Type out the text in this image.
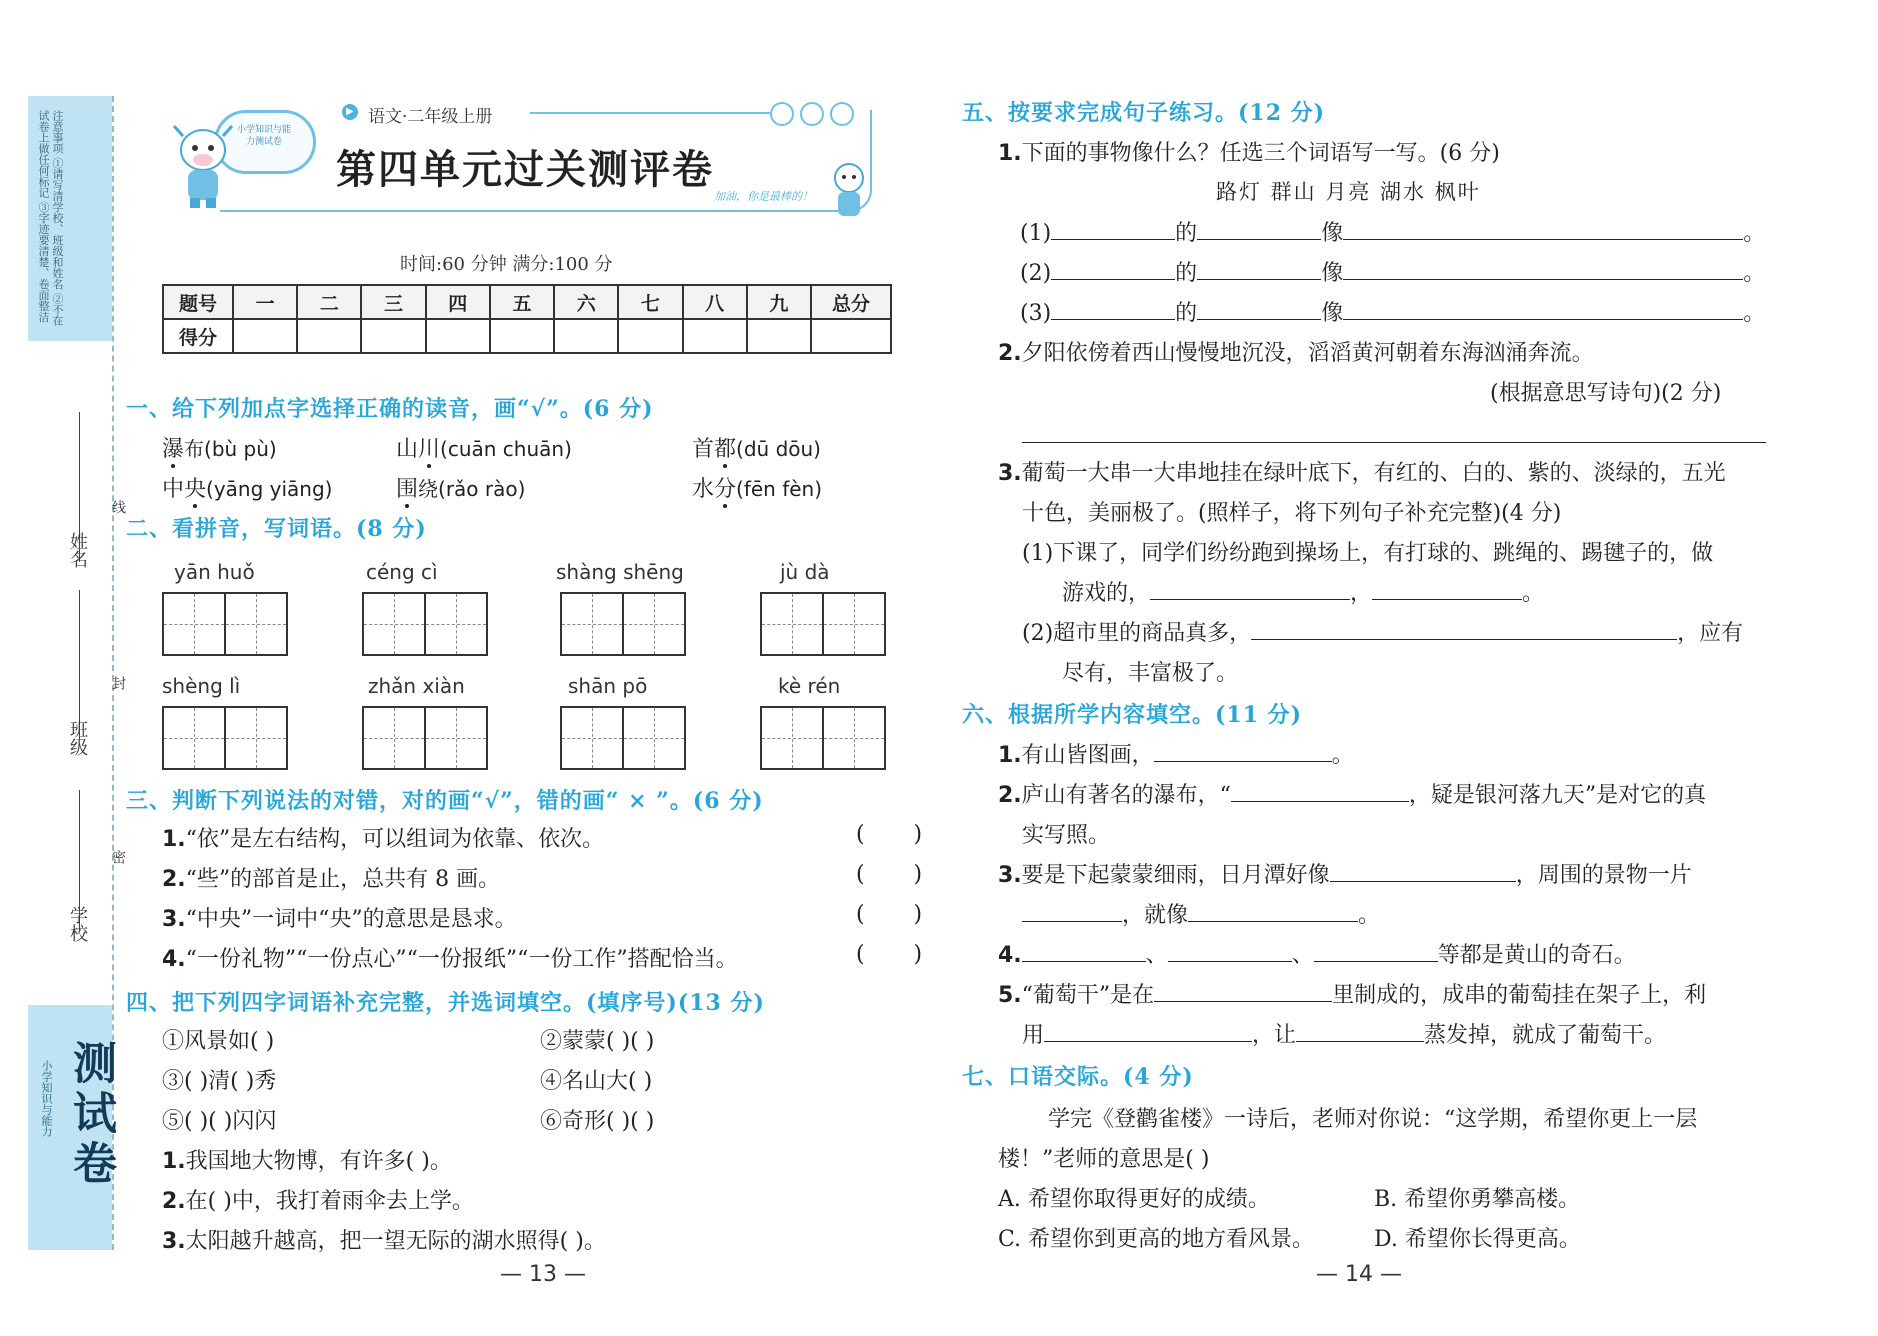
注意事项 ①请写清学校、班级和姓名 ②不在试卷上做任何标记 ③字迹要清楚、卷面整洁
姓名
班级
学校
线
封
密
小学知识与能力 测试卷
▶ 语文·二年级上册
小学知识与能力测试卷
第四单元过关测评卷
加油，你是最棒的！
时间:60 分钟 满分:100 分
题号	一	二	三	四	五	六	七	八	九	总分
得分										
一、给下列加点字选择正确的读音，画“√”。(6 分)
瀑布(bù pù)	山川(cuān chuān)	首都(dū dōu)
中央(yāng yiāng)	围绕(rǎo rào)	水分(fēn fèn)
二、看拼音，写词语。(8 分)
yān huǒ	céng cì	shàng shēng	jù dà
shèng lì	zhǎn xiàn	shān pō	kè rén
三、判断下列说法的对错，对的画“√”，错的画“ × ”。(6 分)
1.“依”是左右结构，可以组词为依靠、依次。
2.“些”的部首是止，总共有 8 画。
3.“中央”一词中“央”的意思是恳求。
4.“一份礼物”“一份点心”“一份报纸”“一份工作”搭配恰当。
(       )
(       )
(       )
(       )
四、把下列四字词语补充完整，并选词填空。(填序号)(13 分)
①风景如( )	②蒙蒙( )( )
③( )清( )秀	④名山大( )
⑤( )( )闪闪	⑥奇形( )( )
1.我国地大物博，有许多( )。
2.在( )中，我打着雨伞去上学。
3.太阳越升越高，把一望无际的湖水照得( )。
— 13 —
五、按要求完成句子练习。(12 分)
1.下面的事物像什么？任选三个词语写一写。(6 分)
路灯 群山 月亮 湖水 枫叶
(1)	的	像	。
(2)	的	像	。
(3)	的	像	。
2.夕阳依傍着西山慢慢地沉没，滔滔黄河朝着东海汹涌奔流。
(根据意思写诗句)(2 分)
3.葡萄一大串一大串地挂在绿叶底下，有红的、白的、紫的、淡绿的，五光
十色，美丽极了。(照样子，将下列句子补充完整)(4 分)
(1)下课了，同学们纷纷跑到操场上，有打球的、跳绳的、踢毽子的，做
游戏的，	，	。
(2)超市里的商品真多，	，应有
尽有，丰富极了。
六、根据所学内容填空。(11 分)
1.有山皆图画，	。
2.庐山有著名的瀑布，“	，疑是银河落九天”是对它的真
实写照。
3.要是下起蒙蒙细雨，日月潭好像	，周围的景物一片
，就像	。
4.	、	、	等都是黄山的奇石。
5.“葡萄干”是在	里制成的，成串的葡萄挂在架子上，利
用	，让	蒸发掉，就成了葡萄干。
七、口语交际。(4 分)
学完《登鹳雀楼》一诗后，老师对你说：“这学期，希望你更上一层
楼！”老师的意思是( )
A. 希望你取得更好的成绩。	B. 希望你勇攀高楼。
C. 希望你到更高的地方看风景。	D. 希望你长得更高。
— 14 —
